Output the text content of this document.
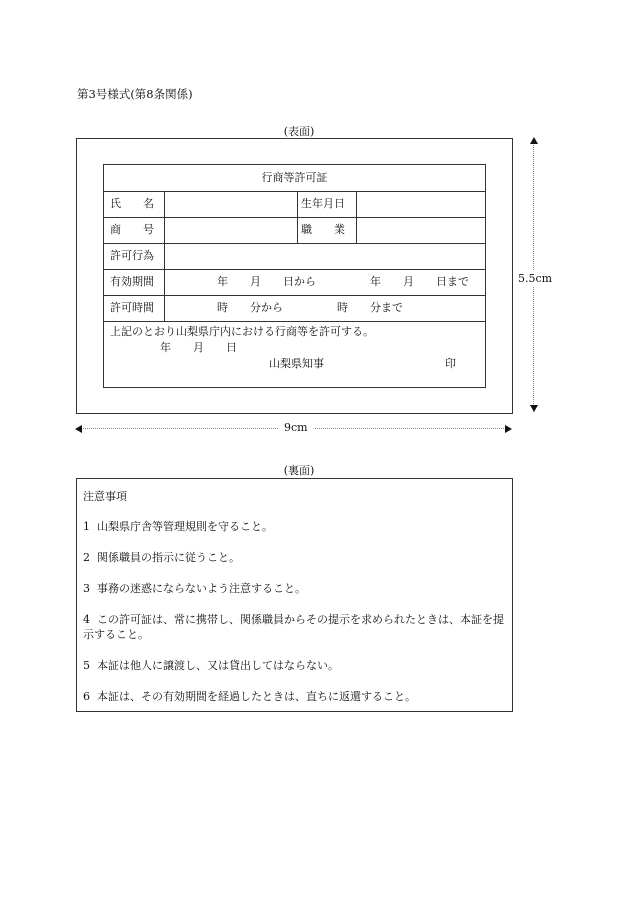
第3号様式(第8条関係)
(表面)
行商等許可証
氏　　名	生年月日
商　　号	職　　業
許可行為
有効期間	年　　月　　日から	年　　月　　日まで
許可時間	時　　分から	時　　分まで
上記のとおり山梨県庁内における行商等を許可する。
年　　月　　日
山梨県知事	印
5.5cm
9cm
(裏面)
注意事項
1 山梨県庁舎等管理規則を守ること。
2 関係職員の指示に従うこと。
3 事務の迷惑にならないよう注意すること。
4 この許可証は、常に携帯し、関係職員からその提示を求められたときは、本証を提示すること。
5 本証は他人に譲渡し、又は貸出してはならない。
6 本証は、その有効期間を経過したときは、直ちに返還すること。
